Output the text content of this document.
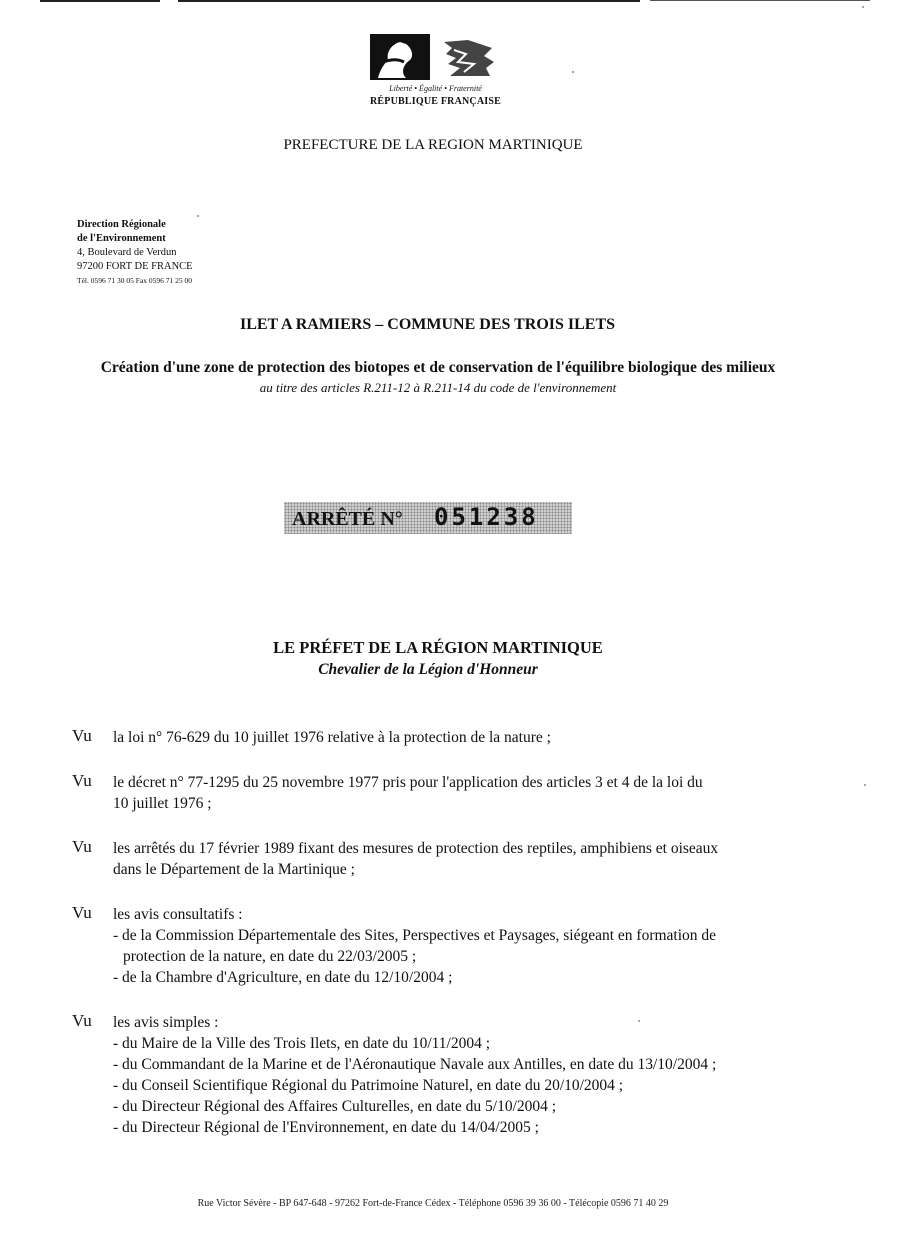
Liberté • Égalité • Fraternité
RÉPUBLIQUE FRANÇAISE
PREFECTURE DE LA REGION MARTINIQUE
Direction Régionale
de l'Environnement
4, Boulevard de Verdun
97200 FORT DE FRANCE
Tél. 0596 71 30 05 Fax 0596 71 25 00
ILET A RAMIERS – COMMUNE DES TROIS ILETS
Création d'une zone de protection des biotopes et de conservation de l'équilibre biologique des milieux
au titre des articles R.211-12 à R.211-14 du code de l'environnement
ARRÊTÉ N° 051238
LE PRÉFET DE LA RÉGION MARTINIQUE
Chevalier de la Légion d'Honneur
Vu la loi n° 76-629 du 10 juillet 1976 relative à la protection de la nature ;
Vu le décret n° 77-1295 du 25 novembre 1977 pris pour l'application des articles 3 et 4 de la loi du
10 juillet 1976 ;
Vu les arrêtés du 17 février 1989 fixant des mesures de protection des reptiles, amphibiens et oiseaux
dans le Département de la Martinique ;
Vu les avis consultatifs :
- de la Commission Départementale des Sites, Perspectives et Paysages, siégeant en formation de
protection de la nature, en date du 22/03/2005 ;
- de la Chambre d'Agriculture, en date du 12/10/2004 ;
Vu les avis simples :
- du Maire de la Ville des Trois Ilets, en date du 10/11/2004 ;
- du Commandant de la Marine et de l'Aéronautique Navale aux Antilles, en date du 13/10/2004 ;
- du Conseil Scientifique Régional du Patrimoine Naturel, en date du 20/10/2004 ;
- du Directeur Régional des Affaires Culturelles, en date du 5/10/2004 ;
- du Directeur Régional de l'Environnement, en date du 14/04/2005 ;
Rue Victor Sévère - BP 647-648 - 97262 Fort-de-France Cédex - Téléphone 0596 39 36 00 - Télécopie 0596 71 40 29
